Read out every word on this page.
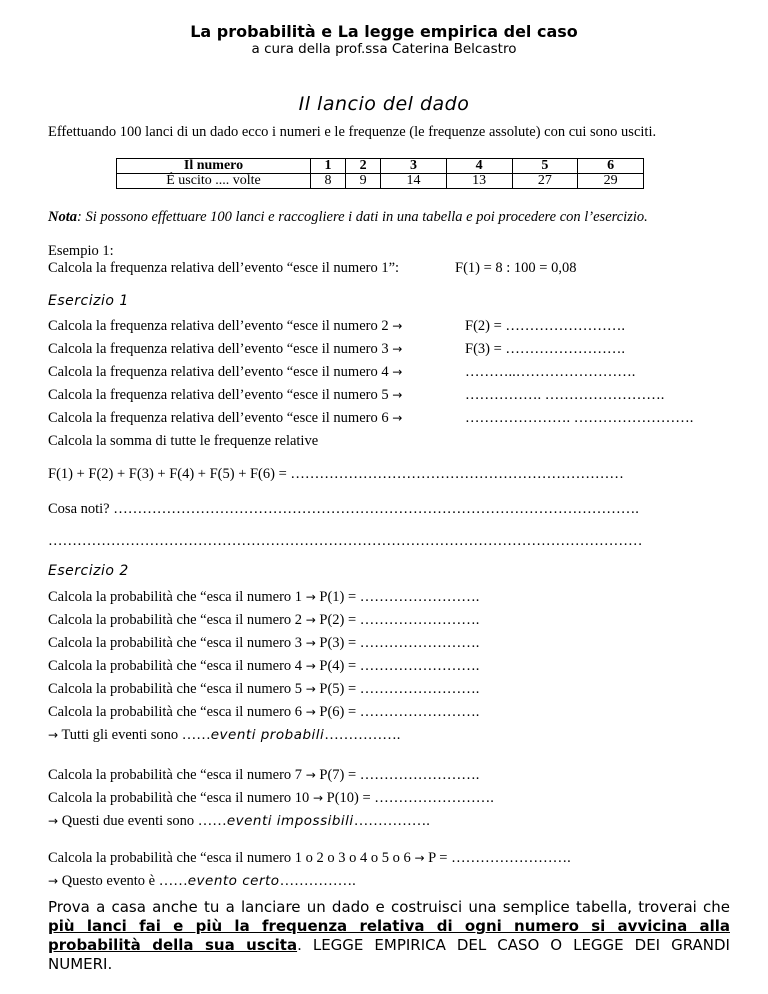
La probabilità e La legge empirica del caso
a cura della prof.ssa Caterina Belcastro
Il lancio del dado
Effettuando 100 lanci di un dado ecco i numeri e le frequenze (le frequenze assolute) con cui sono usciti.
Il numero	1	2	3	4	5	6
É uscito .... volte	8	9	14	13	27	29
Nota: Si possono effettuare 100 lanci e raccogliere i dati in una tabella e poi procedere con l’esercizio.
Esempio 1:
Calcola la frequenza relativa dell’evento “esce il numero 1”:	F(1) = 8 : 100 = 0,08
Esercizio 1
Calcola la frequenza relativa dell’evento “esce il numero 2 →	F(2) = …………………….
Calcola la frequenza relativa dell’evento “esce il numero 3 →	F(3) = …………………….
Calcola la frequenza relativa dell’evento “esce il numero 4 →	………..…………………….
Calcola la frequenza relativa dell’evento “esce il numero 5 →	……………. …………………….
Calcola la frequenza relativa dell’evento “esce il numero 6 →	…………………. …………………….
Calcola la somma di tutte le frequenze relative
F(1) + F(2) + F(3) + F(4) + F(5) + F(6) = ……………………………………………………………
Cosa noti? ……………………………………………………………………………………………….
……………………………………………………………………………………………………………
Esercizio 2
Calcola la probabilità che “esca il numero 1 → P(1) = …………………….
Calcola la probabilità che “esca il numero 2 → P(2) = …………………….
Calcola la probabilità che “esca il numero 3 → P(3) = …………………….
Calcola la probabilità che “esca il numero 4 → P(4) = …………………….
Calcola la probabilità che “esca il numero 5 → P(5) = …………………….
Calcola la probabilità che “esca il numero 6 → P(6) = …………………….
→ Tutti gli eventi sono ……eventi probabili…………….
Calcola la probabilità che “esca il numero 7 → P(7) = …………………….
Calcola la probabilità che “esca il numero 10 → P(10) = …………………….
→ Questi due eventi sono ……eventi impossibili…………….
Calcola la probabilità che “esca il numero 1 o 2 o 3 o 4 o 5 o 6 → P = …………………….
→ Questo evento è ……evento certo…………….
Prova a casa anche tu a lanciare un dado e costruisci una semplice tabella, troverai che più lanci fai e più la frequenza relativa di ogni numero si avvicina alla probabilità della sua uscita. LEGGE EMPIRICA DEL CASO O LEGGE DEI GRANDI NUMERI.
